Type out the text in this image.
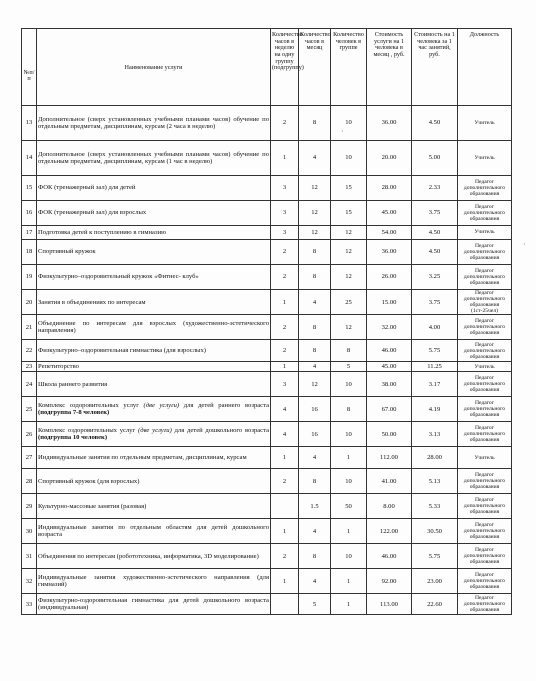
№п/п	Наименование услуги	Количество часов в неделю на одну группу (подгруппу)	Количество часов в месяц	Количество человек в группе	Стоимость услуги на 1 человека в месяц , руб.	Стоимость на 1 человека за 1 час занятий, руб.	Должность
13	Дополнительное (сверх установленных учебными планами часов) обучение по отдельным предметам, дисциплинам, курсам (2 часа в неделю)	2	8	10	36.00	4.50	Учитель
14	Дополнительное (сверх установленных учебными планами часов) обучение по отдельным предметам, дисциплинам, курсам (1 час в неделю)	1	4	10	20.00	5.00	Учитель
15	ФОК (тренажерный зал) для детей	3	12	15	28.00	2.33	Педагог дополнительного образования
16	ФОК (тренажерный зал) для взрослых	3	12	15	45.00	3.75	Педагог дополнительного образования
17	Подготовка детей к поступлению в гимназию	3	12	12	54.00	4.50	Учитель
18	Спортивный кружок	2	8	12	36.00	4.50	Педагог дополнительного образования
19	Физкультурно–оздоровительный кружок «Фитнес- клуб»	2	8	12	26.00	3.25	Педагог дополнительного образования
20	Занятия в объединениях по интересам	1	4	25	15.00	3.75	Педагог дополнительного образования (1ст-25чел)
21	Объединение по интересам для взрослых (художественно-эстетического направления)	2	8	12	32.00	4.00	Педагог дополнительного образования
22	Физкультурно–оздоровительная гимнастика (для взрослых)	2	8	8	46.00	5.75	Педагог дополнительного образования
23	Репетиторство	1	4	5	45.00	11.25	Учитель
24	Школа раннего развития	3	12	10	38.00	3.17	Педагог дополнительного образования
25	Комплекс оздоровительных услуг (две услуги) для детей раннего возраста (подгруппа 7-8 человек)	4	16	8	67.00	4.19	Педагог дополнительного образования
26	Комплекс оздоровительных услуг (две услуги) для детей дошкольного возраста (подгруппа 10 человек)	4	16	10	50.00	3.13	Педагог дополнительного образования
27	Индивидуальные занятия по отдельным предметам, дисциплинам, курсам	1	4	1	112.00	28.00	Учитель
28	Спортивный кружок (для взрослых)	2	8	10	41.00	5.13	Педагог дополнительного образования
29	Культурно-массовые занятия (разовая)		1.5	50	8.00	5.33	Педагог дополнительного образования
30	Индивидуальные занятия по отдельным областям для детей дошкольного возраста	1	4	1	122.00	30.50	Педагог дополнительного образования
31	Объединения по интересам (робототехника, информатика, 3D моделирование)	2	8	10	46.00	5.75	Педагог дополнительного образования
32	Индивидуальные занятия художественно-эстетического направления (для гимназий)	1	4	1	92.00	23.00	Педагог дополнительного образования
33	Физкультурно-оздоровительная гимнастика для детей дошкольного возраста (индивидуальная)		5	1	113.00	22.60	Педагог дополнительного образования
·
·
